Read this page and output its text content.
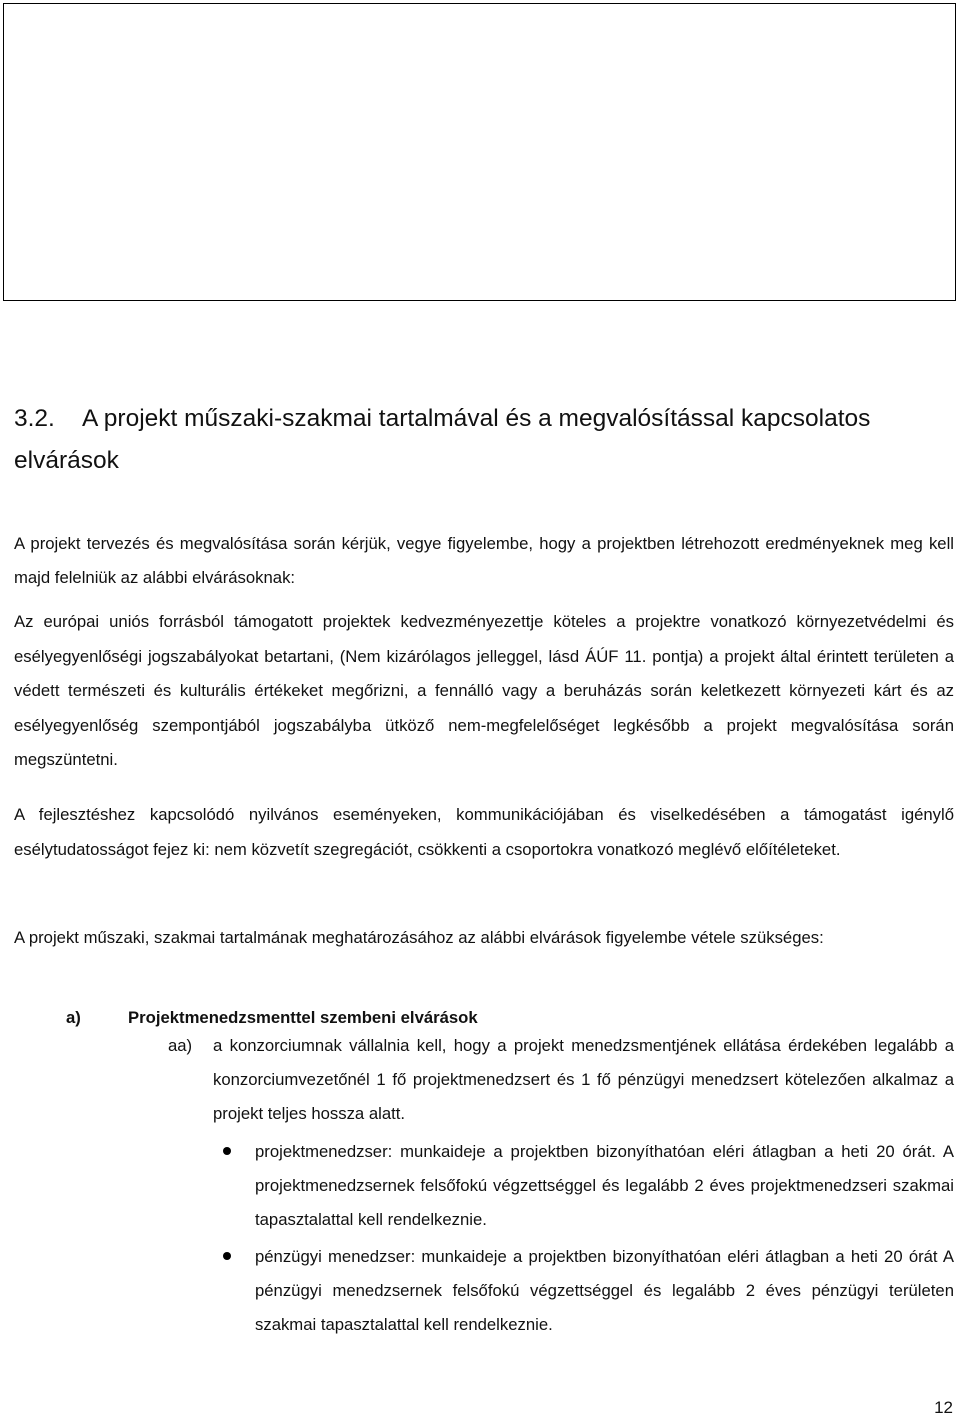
3.2. A projekt műszaki-szakmai tartalmával és a megvalósítással kapcsolatos elvárások

A projekt tervezés és megvalósítása során kérjük, vegye figyelembe, hogy a projektben létrehozott eredményeknek meg kell majd felelniük az alábbi elvárásoknak:

Az európai uniós forrásból támogatott projektek kedvezményezettje köteles a projektre vonatkozó környezetvédelmi és esélyegyenlőségi jogszabályokat betartani, (Nem kizárólagos jelleggel, lásd ÁÚF 11. pontja) a projekt által érintett területen a védett természeti és kulturális értékeket megőrizni, a fennálló vagy a beruházás során keletkezett környezeti kárt és az esélyegyenlőség szempontjából jogszabályba ütköző nem-megfelelőséget legkésőbb a projekt megvalósítása során megszüntetni.

A fejlesztéshez kapcsolódó nyilvános eseményeken, kommunikációjában és viselkedésében a támogatást igénylő esélytudatosságot fejez ki: nem közvetít szegregációt, csökkenti a csoportokra vonatkozó meglévő előítéleteket.

A projekt műszaki, szakmai tartalmának meghatározásához az alábbi elvárások figyelembe vétele szükséges:

a)	Projektmenedzsmenttel szembeni elvárások
aa) a konzorciumnak vállalnia kell, hogy a projekt menedzsmentjének ellátása érdekében legalább a konzorciumvezetőnél 1 fő projektmenedzsert és 1 fő pénzügyi menedzsert kötelezően alkalmaz a projekt teljes hossza alatt.
projektmenedzser: munkaideje a projektben bizonyíthatóan eléri átlagban a heti 20 órát. A projektmenedzsernek felsőfokú végzettséggel és legalább 2 éves projektmenedzseri szakmai tapasztalattal kell rendelkeznie.
pénzügyi menedzser: munkaideje a projektben bizonyíthatóan eléri átlagban a heti 20 órát A pénzügyi menedzsernek felsőfokú végzettséggel és legalább 2 éves pénzügyi területen szakmai tapasztalattal kell rendelkeznie.
12
